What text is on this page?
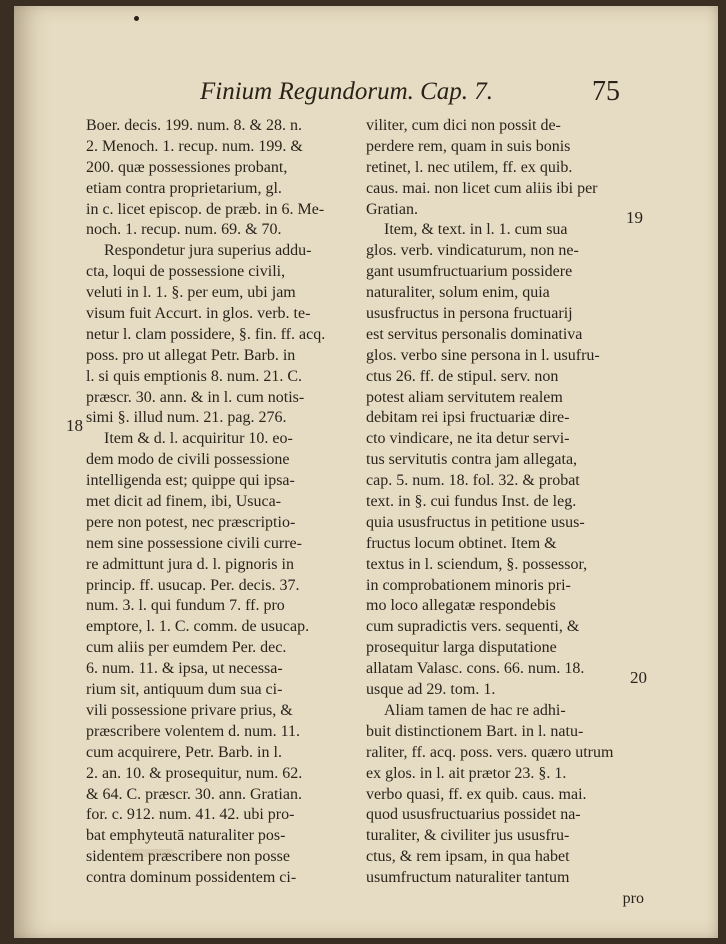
Finium Regundorum. Cap. 7.	75
18
19
20
Boer. decis. 199. num. 8. & 28. n.
2. Menoch. 1. recup. num. 199. &
200. quæ possessiones probant,
etiam contra proprietarium, gl.
in c. licet episcop. de præb. in 6. Me-
noch. 1. recup. num. 69. & 70.
Respondetur jura superius addu-
cta, loqui de possessione civili,
veluti in l. 1. §. per eum, ubi jam
visum fuit Accurt. in glos. verb. te-
netur l. clam possidere, §. fin. ff. acq.
poss. pro ut allegat Petr. Barb. in
l. si quis emptionis 8. num. 21. C.
præscr. 30. ann. & in l. cum notis-
simi §. illud num. 21. pag. 276.
Item & d. l. acquiritur 10. eo-
dem modo de civili possessione
intelligenda est; quippe qui ipsa-
met dicit ad finem, ibi, Usuca-
pere non potest, nec præscriptio-
nem sine possessione civili curre-
re admittunt jura d. l. pignoris in
princip. ff. usucap. Per. decis. 37.
num. 3. l. qui fundum 7. ff. pro
emptore, l. 1. C. comm. de usucap.
cum aliis per eumdem Per. dec.
6. num. 11. & ipsa, ut necessa-
rium sit, antiquum dum sua ci-
vili possessione privare prius, &
præscribere volentem d. num. 11.
cum acquirere, Petr. Barb. in l.
2. an. 10. & prosequitur, num. 62.
& 64. C. præscr. 30. ann. Gratian.
for. c. 912. num. 41. 42. ubi pro-
bat emphyteutā naturaliter pos-
sidentem præscribere non posse
contra dominum possidentem ci-
viliter, cum dici non possit de-
perdere rem, quam in suis bonis
retinet, l. nec utilem, ff. ex quib.
caus. mai. non licet cum aliis ibi per
Gratian.
Item, & text. in l. 1. cum sua
glos. verb. vindicaturum, non ne-
gant usumfructuarium possidere
naturaliter, solum enim, quia
ususfructus in persona fructuarij
est servitus personalis dominativa
glos. verbo sine persona in l. usufru-
ctus 26. ff. de stipul. serv. non
potest aliam servitutem realem
debitam rei ipsi fructuariæ dire-
cto vindicare, ne ita detur servi-
tus servitutis contra jam allegata,
cap. 5. num. 18. fol. 32. & probat
text. in §. cui fundus Inst. de leg.
quia ususfructus in petitione usus-
fructus locum obtinet. Item &
textus in l. sciendum, §. possessor,
in comprobationem minoris pri-
mo loco allegatæ respondebis
cum supradictis vers. sequenti, &
prosequitur larga disputatione
allatam Valasc. cons. 66. num. 18.
usque ad 29. tom. 1.
Aliam tamen de hac re adhi-
buit distinctionem Bart. in l. natu-
raliter, ff. acq. poss. vers. quæro utrum
ex glos. in l. ait prætor 23. §. 1.
verbo quasi, ff. ex quib. caus. mai.
quod ususfructuarius possidet na-
turaliter, & civiliter jus ususfru-
ctus, & rem ipsam, in qua habet
usumfructum naturaliter tantum
pro
